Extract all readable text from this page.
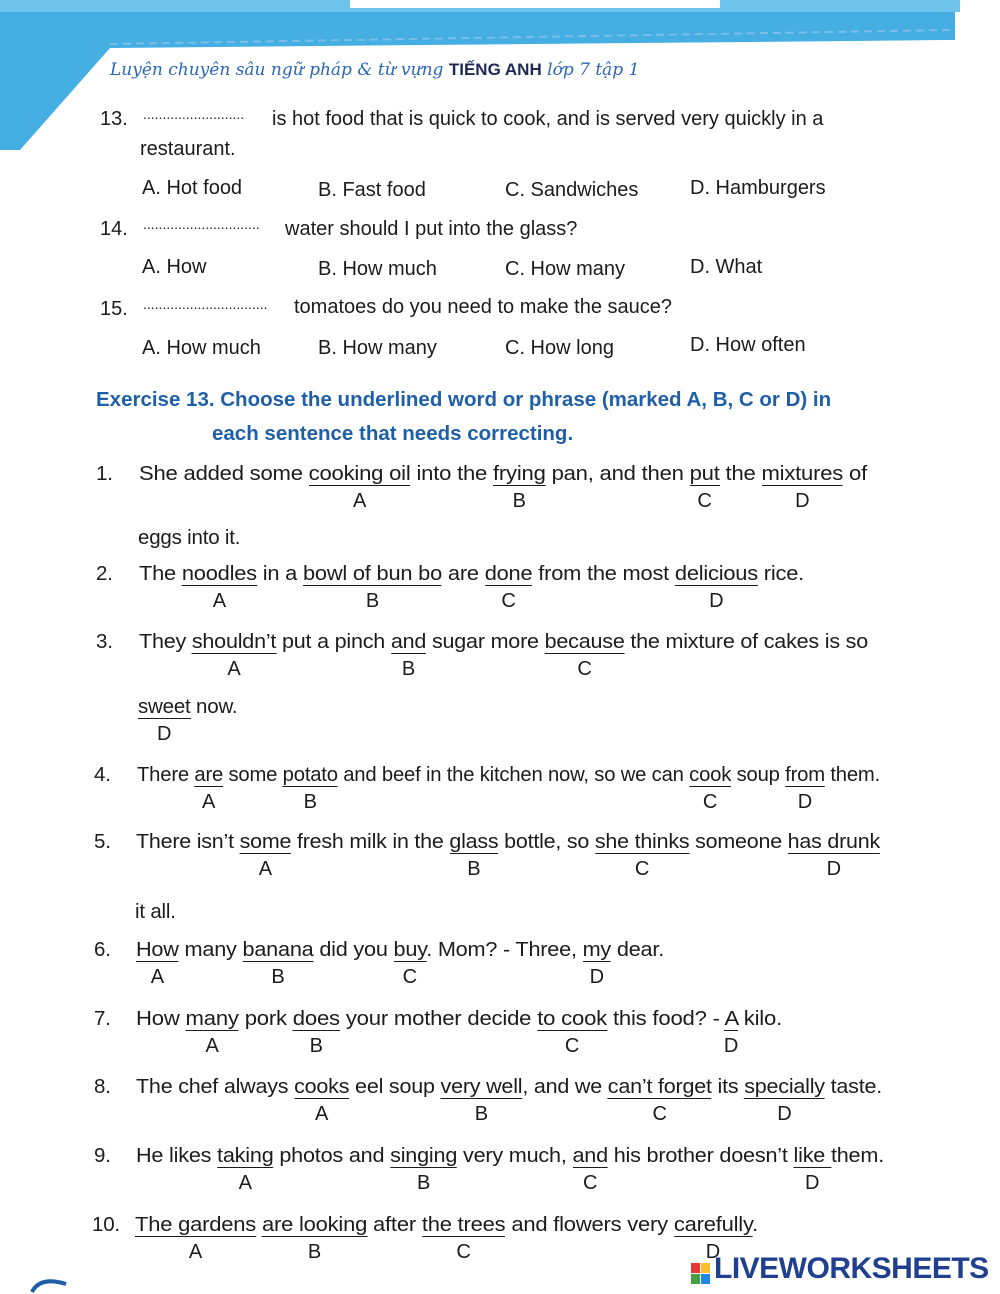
Luyện chuyên sâu ngữ pháp & từ vựng TIẾNG ANH lớp 7 tập 1
13. .......................... is hot food that is quick to cook, and is served very quickly in a
restaurant.
A. Hot food	B. Fast food	C. Sandwiches	D. Hamburgers
14. .............................. water should I put into the glass?
A. How	B. How much	C. How many	D. What
15. ................................ tomatoes do you need to make the sauce?
A. How much	B. How many	C. How long	D. How often
Exercise 13. Choose the underlined word or phrase (marked A, B, C or D) in
each sentence that needs correcting.
1. She added some cooking oil into the frying pan, and then put the mixtures of
A	B	C	D
eggs into it.
2. The noodles in a bowl of bun bo are done from the most delicious rice.
A	B	C	D
3. They shouldn’t put a pinch and sugar more because the mixture of cakes is so
A	B	C
sweet now.
D
4. There are some potato and beef in the kitchen now, so we can cook soup from them.
A	B	C	D
5. There isn’t some fresh milk in the glass bottle, so she thinks someone has drunk
A	B	C	D
it all.
6. How many banana did you buy. Mom? - Three, my dear.
A	B	C	D
7. How many pork does your mother decide to cook this food? - A kilo.
A	B	C	D
8. The chef always cooks eel soup very well, and we can’t forget its specially taste.
A	B	C	D
9. He likes taking photos and singing very much, and his brother doesn’t like them.
A	B	C	D
10. The gardens are looking after the trees and flowers very carefully.
A	B	C	D
LIVEWORKSHEETS
